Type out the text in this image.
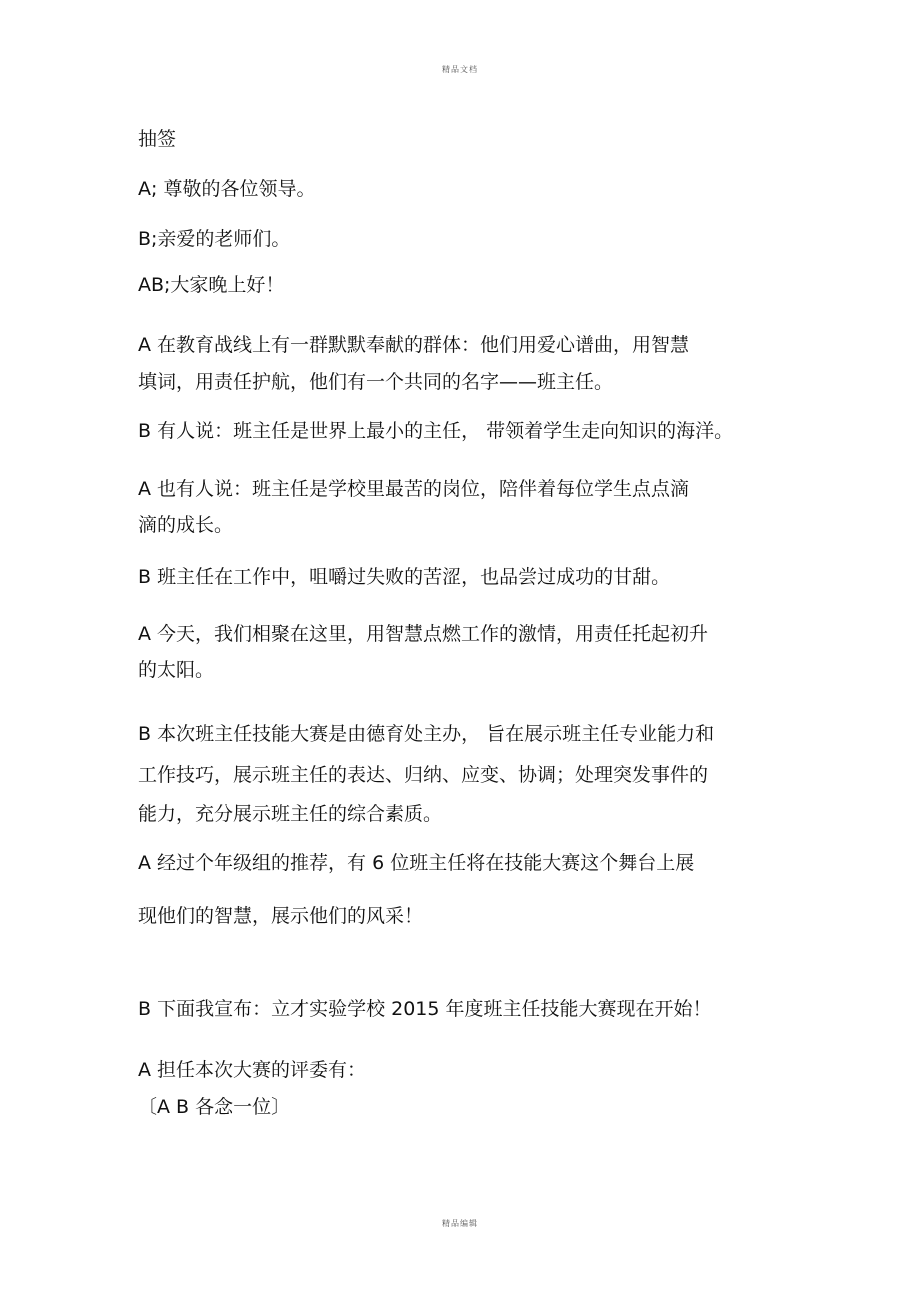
精品文档
抽签
A; 尊敬的各位领导。
B;亲爱的老师们。
AB;大家晚上好！
A 在教育战线上有一群默默奉献的群体：他们用爱心谱曲，用智慧
填词，用责任护航，他们有一个共同的名字——班主任。
B 有人说：班主任是世界上最小的主任， 带领着学生走向知识的海洋。
A 也有人说：班主任是学校里最苦的岗位，陪伴着每位学生点点滴
滴的成长。
B 班主任在工作中，咀嚼过失败的苦涩，也品尝过成功的甘甜。
A 今天，我们相聚在这里，用智慧点燃工作的激情，用责任托起初升
的太阳。
B 本次班主任技能大赛是由德育处主办， 旨在展示班主任专业能力和
工作技巧，展示班主任的表达、归纳、应变、协调；处理突发事件的
能力，充分展示班主任的综合素质。
A 经过个年级组的推荐，有 6 位班主任将在技能大赛这个舞台上展
现他们的智慧，展示他们的风采！
B 下面我宣布：立才实验学校 2015 年度班主任技能大赛现在开始！
A 担任本次大赛的评委有：
〔A B 各念一位〕
精品编辑
